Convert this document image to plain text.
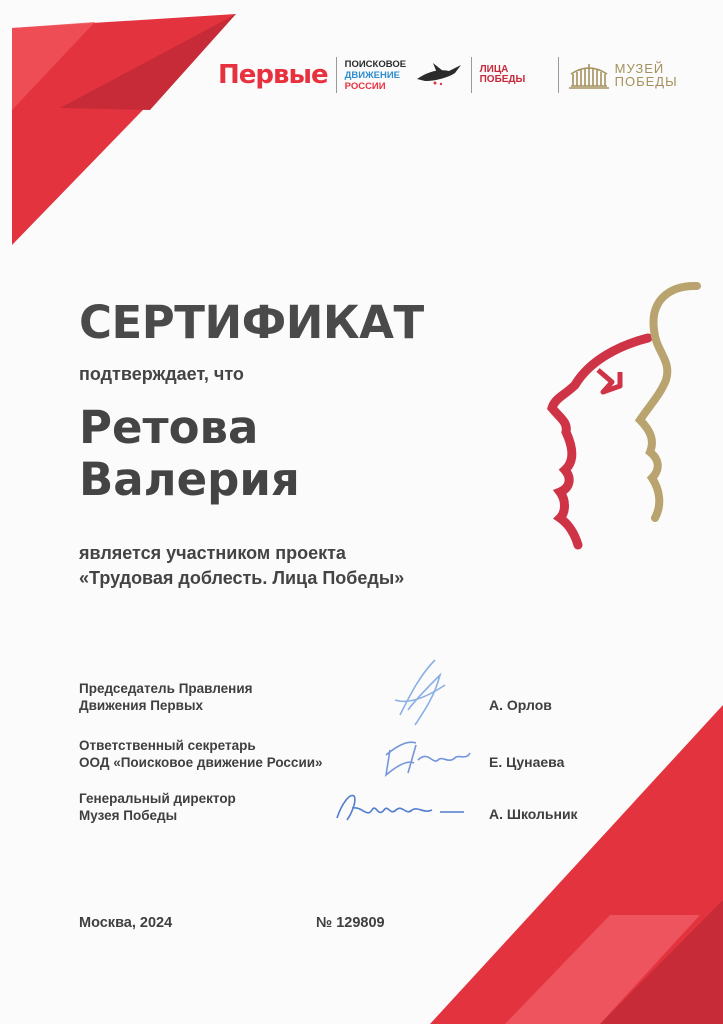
Первые ПОИСКОВОЕ
ДВИЖЕНИЕ
РОССИИ
ЛИЦА
ПОБЕДЫ
МУЗЕЙ
ПОБЕДЫ
СЕРТИФИКАТ
подтверждает, что
Ретова
Валерия
является участником проекта
«Трудовая доблесть. Лица Победы»
Председатель Правления
Движения Первых	А. Орлов
Ответственный секретарь
ООД «Поисковое движение России»	Е. Цунаева
Генеральный директор
Музея Победы	А. Школьник
Москва, 2024	№ 129809
